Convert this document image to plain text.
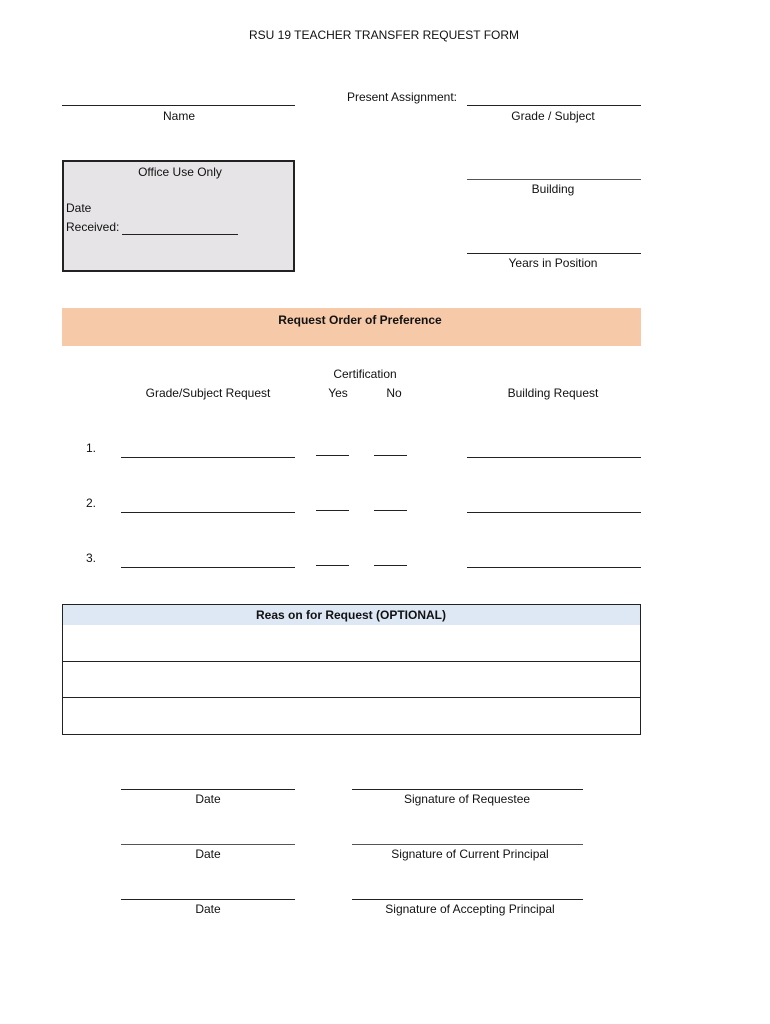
RSU 19 TEACHER TRANSFER REQUEST FORM
Name
Present Assignment:
Grade / Subject
Building
Years in Position
Office Use Only
Date
Received:
Request Order of Preference
Certification
Grade/Subject Request	Yes	No	Building Request
1.
2.
3.
Reas on for Request (OPTIONAL)
Date	Signature of Requestee
Date	Signature of Current Principal
Date	Signature of Accepting Principal
